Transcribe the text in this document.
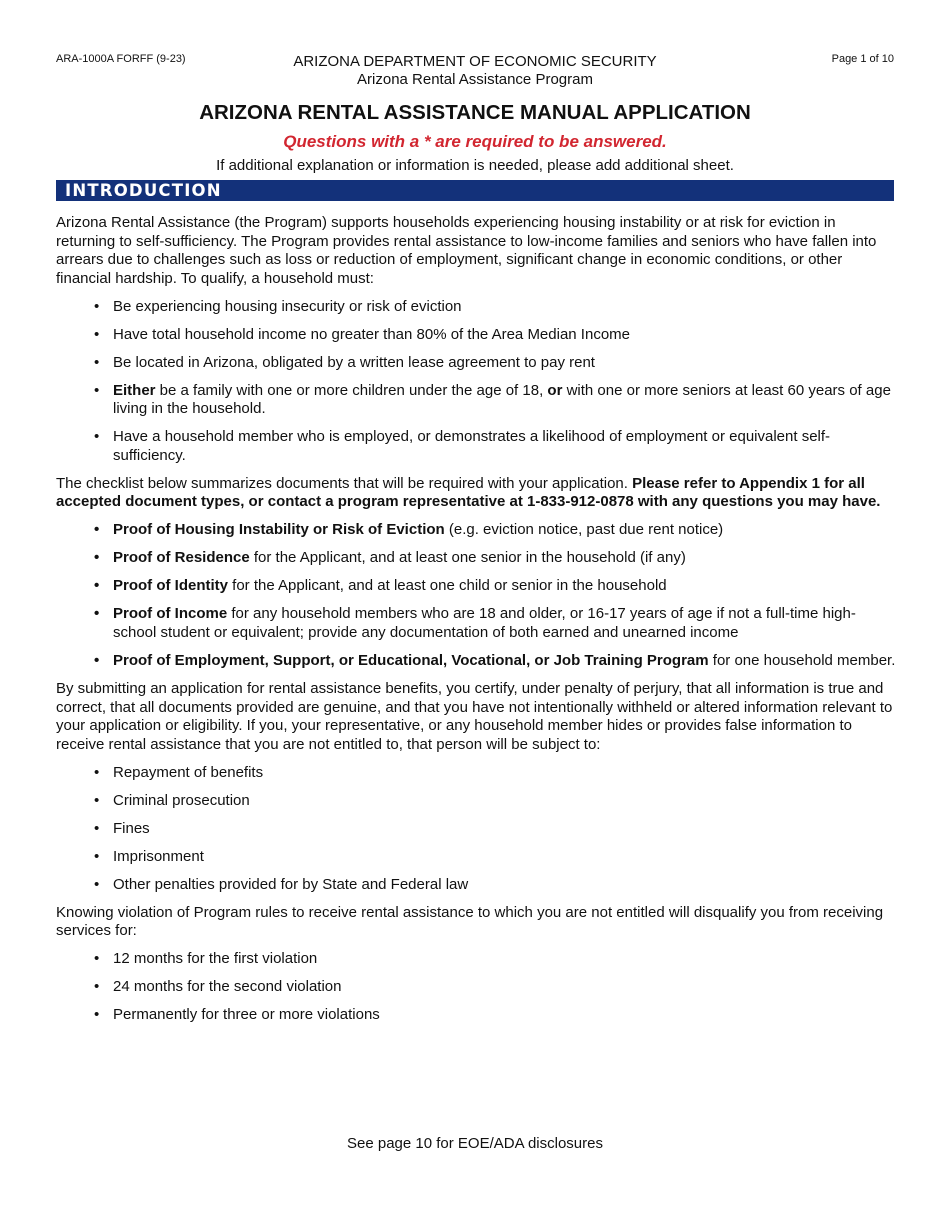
ARA-1000A FORFF (9-23)	Page 1 of 10
ARIZONA DEPARTMENT OF ECONOMIC SECURITY
Arizona Rental Assistance Program
ARIZONA RENTAL ASSISTANCE MANUAL APPLICATION
Questions with a * are required to be answered.
If additional explanation or information is needed, please add additional sheet.
INTRODUCTION

Arizona Rental Assistance (the Program) supports households experiencing housing instability or at risk for eviction in returning to self-sufficiency. The Program provides rental assistance to low-income families and seniors who have fallen into arrears due to challenges such as loss or reduction of employment, significant change in economic conditions, or other financial hardship. To qualify, a household must:

• Be experiencing housing insecurity or risk of eviction
• Have total household income no greater than 80% of the Area Median Income
• Be located in Arizona, obligated by a written lease agreement to pay rent
• Either be a family with one or more children under the age of 18, or with one or more seniors at least 60 years of age living in the household.
• Have a household member who is employed, or demonstrates a likelihood of employment or equivalent self-sufficiency.

The checklist below summarizes documents that will be required with your application. Please refer to Appendix 1 for all accepted document types, or contact a program representative at 1-833-912-0878 with any questions you may have.

• Proof of Housing Instability or Risk of Eviction (e.g. eviction notice, past due rent notice)
• Proof of Residence for the Applicant, and at least one senior in the household (if any)
• Proof of Identity for the Applicant, and at least one child or senior in the household
• Proof of Income for any household members who are 18 and older, or 16-17 years of age if not a full-time high-school student or equivalent; provide any documentation of both earned and unearned income
• Proof of Employment, Support, or Educational, Vocational, or Job Training Program for one household member.

By submitting an application for rental assistance benefits, you certify, under penalty of perjury, that all information is true and correct, that all documents provided are genuine, and that you have not intentionally withheld or altered information relevant to your application or eligibility. If you, your representative, or any household member hides or provides false information to receive rental assistance that you are not entitled to, that person will be subject to:

• Repayment of benefits
• Criminal prosecution
• Fines
• Imprisonment
• Other penalties provided for by State and Federal law

Knowing violation of Program rules to receive rental assistance to which you are not entitled will disqualify you from receiving services for:

• 12 months for the first violation
• 24 months for the second violation
• Permanently for three or more violations
See page 10 for EOE/ADA disclosures
